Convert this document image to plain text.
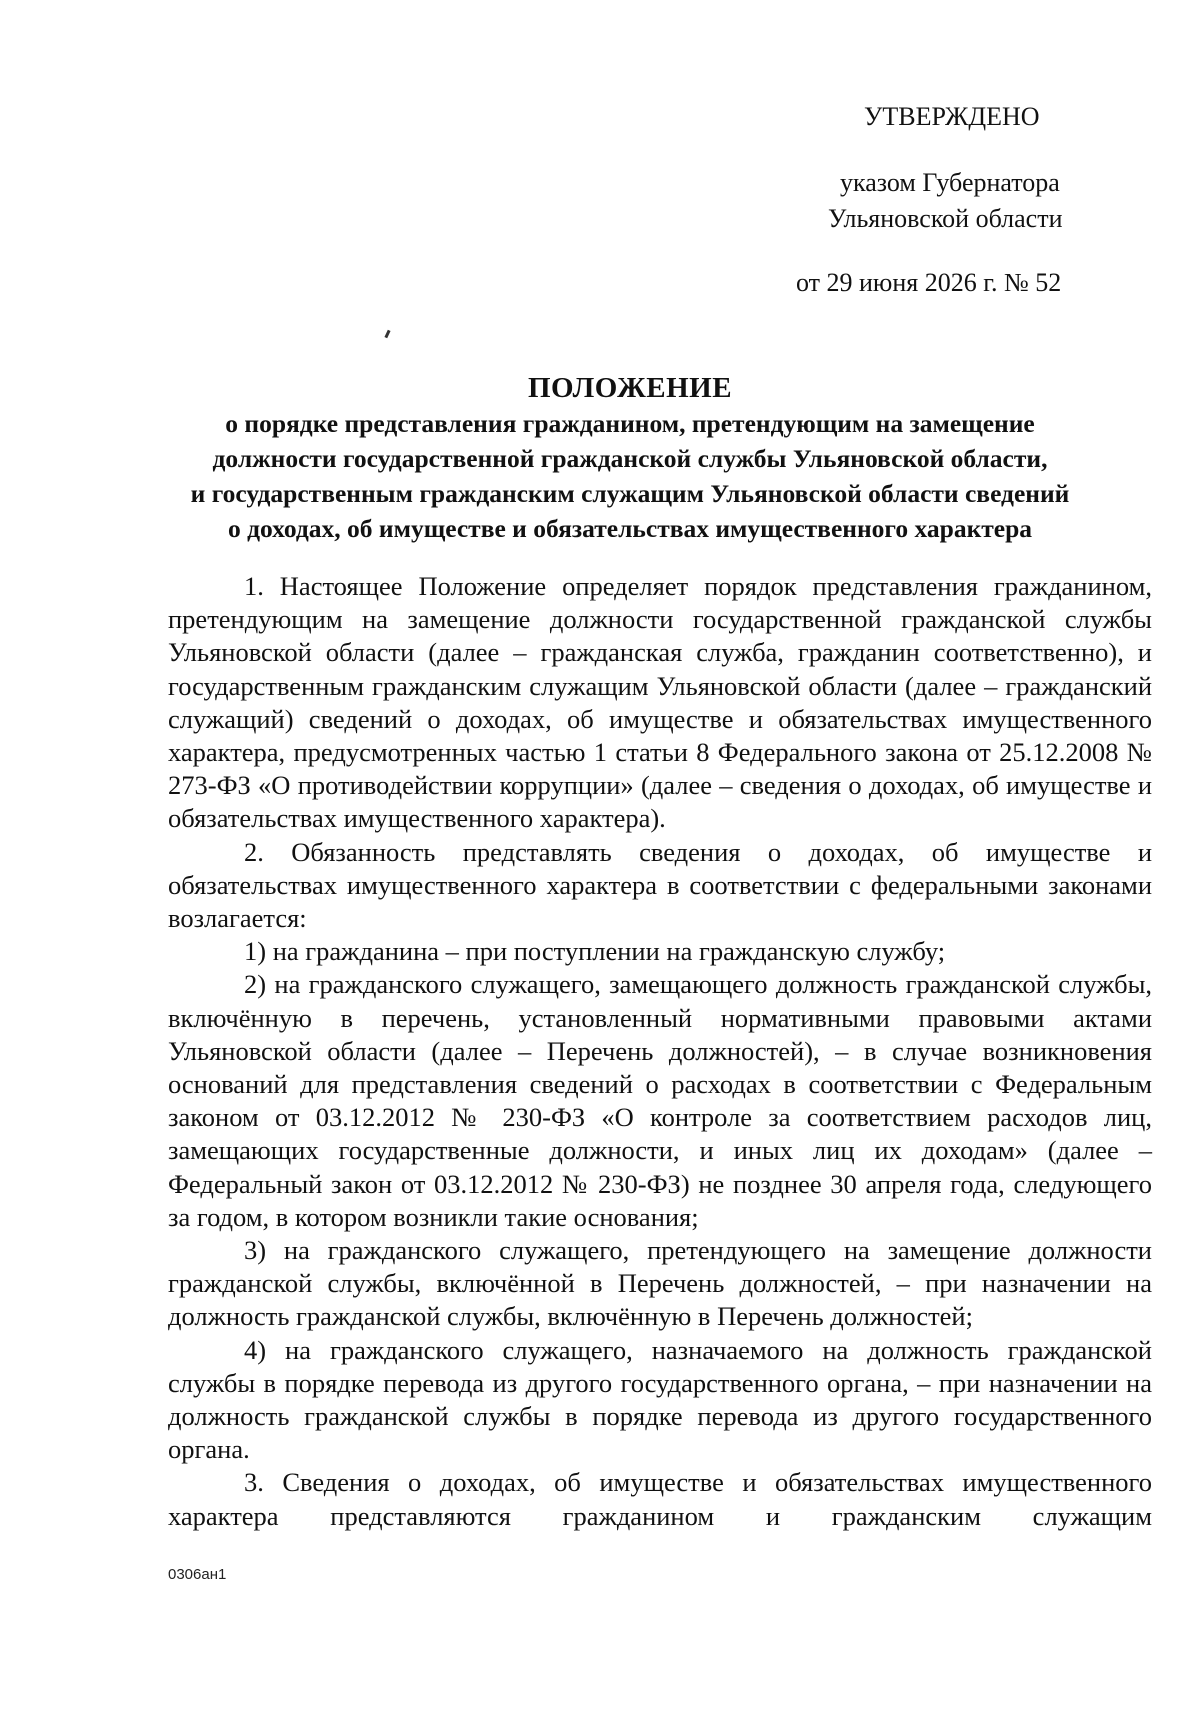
УТВЕРЖДЕНО
указом Губернатора
Ульяновской области
от 29 июня 2026 г. № 52
ПОЛОЖЕНИЕ
о порядке представления гражданином, претендующим на замещение
должности государственной гражданской службы Ульяновской области,
и государственным гражданским служащим Ульяновской области сведений
о доходах, об имуществе и обязательствах имущественного характера

1. Настоящее Положение определяет порядок представления гражданином, претендующим на замещение должности государственной гражданской службы Ульяновской области (далее – гражданская служба, гражданин соответственно), и государственным гражданским служащим Ульяновской области (далее – гражданский служащий) сведений о доходах, об имуществе и обязательствах имущественного характера, предусмотренных частью 1 статьи 8 Федерального закона от 25.12.2008 № 273-ФЗ «О противодействии коррупции» (далее – сведения о доходах, об имуществе и обязательствах имущественного характера).

2. Обязанность представлять сведения о доходах, об имуществе и обязательствах имущественного характера в соответствии с федеральными законами возлагается:

1) на гражданина – при поступлении на гражданскую службу;

2) на гражданского служащего, замещающего должность гражданской службы, включённую в перечень, установленный нормативными правовыми актами Ульяновской области (далее – Перечень должностей), – в случае возникновения оснований для представления сведений о расходах в соответствии с Федеральным законом от 03.12.2012 № 230-ФЗ «О контроле за соответствием расходов лиц, замещающих государственные должности, и иных лиц их доходам» (далее – Федеральный закон от 03.12.2012 № 230-ФЗ) не позднее 30 апреля года, следующего за годом, в котором возникли такие основания;

3) на гражданского служащего, претендующего на замещение должности гражданской службы, включённой в Перечень должностей, – при назначении на должность гражданской службы, включённую в Перечень должностей;

4) на гражданского служащего, назначаемого на должность гражданской службы в порядке перевода из другого государственного органа, – при назначении на должность гражданской службы в порядке перевода из другого государственного органа.

3. Сведения о доходах, об имуществе и обязательствах имущественного характера представляются гражданином и гражданским служащим

0306ан1
